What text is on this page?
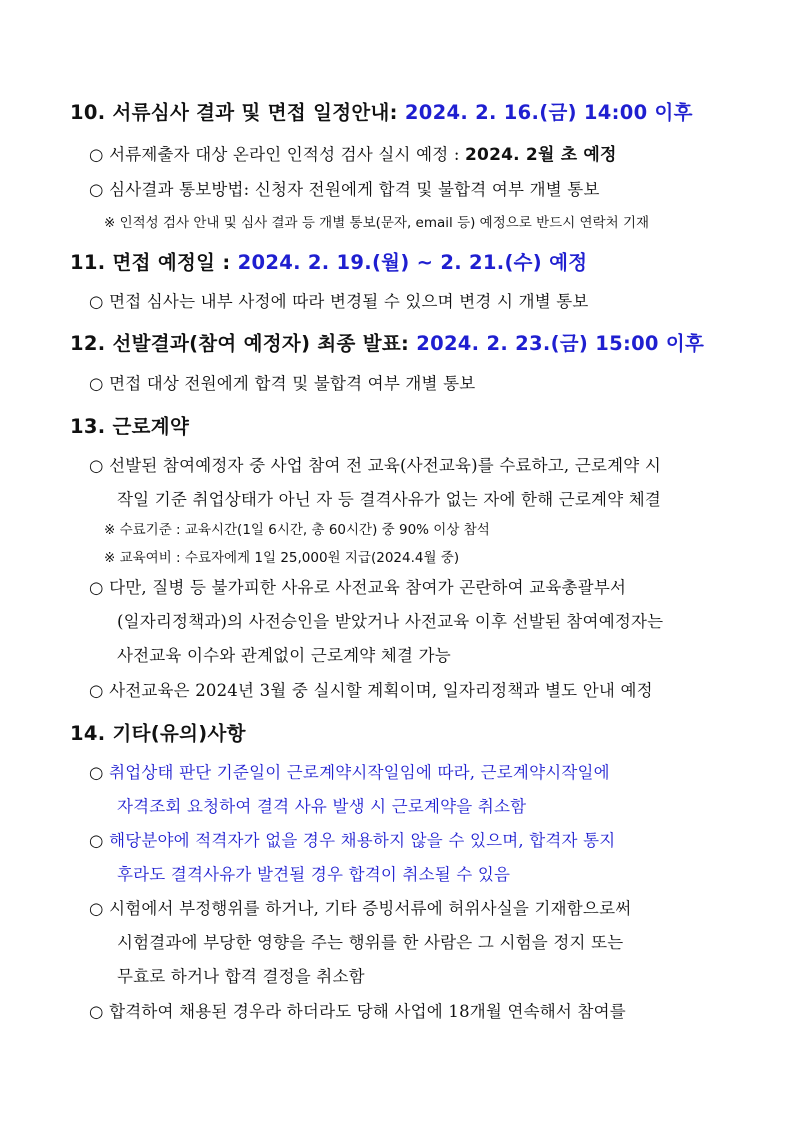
10. 서류심사 결과 및 면접 일정안내: 2024. 2. 16.(금) 14:00 이후
○ 서류제출자 대상 온라인 인적성 검사 실시 예정 : 2024. 2월 초 예정
○ 심사결과 통보방법: 신청자 전원에게 합격 및 불합격 여부 개별 통보
※ 인적성 검사 안내 및 심사 결과 등 개별 통보(문자, email 등) 예정으로 반드시 연락처 기재
11. 면접 예정일 : 2024. 2. 19.(월) ~ 2. 21.(수) 예정
○ 면접 심사는 내부 사정에 따라 변경될 수 있으며 변경 시 개별 통보
12. 선발결과(참여 예정자) 최종 발표: 2024. 2. 23.(금) 15:00 이후
○ 면접 대상 전원에게 합격 및 불합격 여부 개별 통보
13. 근로계약
○ 선발된 참여예정자 중 사업 참여 전 교육(사전교육)를 수료하고, 근로계약 시
작일 기준 취업상태가 아닌 자 등 결격사유가 없는 자에 한해 근로계약 체결
※ 수료기준 : 교육시간(1일 6시간, 총 60시간) 중 90% 이상 참석
※ 교육여비 : 수료자에게 1일 25,000원 지급(2024.4월 중)
○ 다만, 질병 등 불가피한 사유로 사전교육 참여가 곤란하여 교육총괄부서
(일자리정책과)의 사전승인을 받았거나 사전교육 이후 선발된 참여예정자는
사전교육 이수와 관계없이 근로계약 체결 가능
○ 사전교육은 2024년 3월 중 실시할 계획이며, 일자리정책과 별도 안내 예정
14. 기타(유의)사항
○ 취업상태 판단 기준일이 근로계약시작일임에 따라, 근로계약시작일에
자격조회 요청하여 결격 사유 발생 시 근로계약을 취소함
○ 해당분야에 적격자가 없을 경우 채용하지 않을 수 있으며, 합격자 통지
후라도 결격사유가 발견될 경우 합격이 취소될 수 있음
○ 시험에서 부정행위를 하거나, 기타 증빙서류에 허위사실을 기재함으로써
시험결과에 부당한 영향을 주는 행위를 한 사람은 그 시험을 정지 또는
무효로 하거나 합격 결정을 취소함
○ 합격하여 채용된 경우라 하더라도 당해 사업에 18개월 연속해서 참여를
